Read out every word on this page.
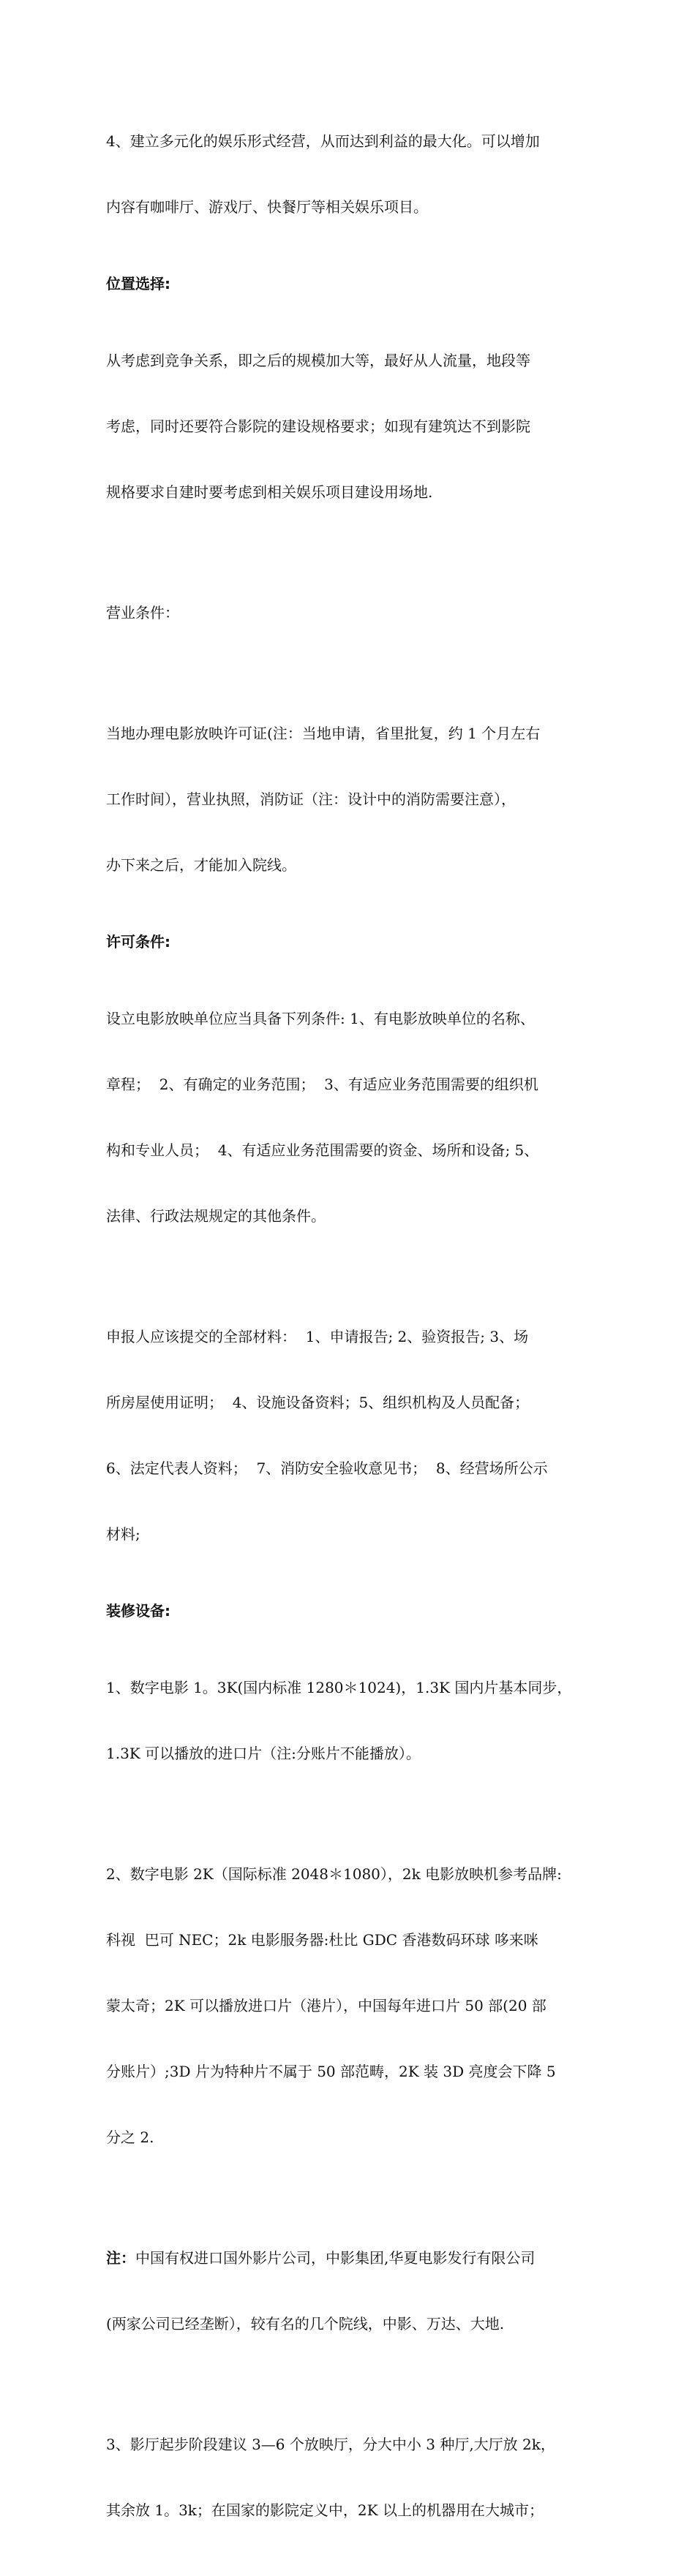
4、建立多元化的娱乐形式经营，从而达到利益的最大化。可以增加

内容有咖啡厅、游戏厅、快餐厅等相关娱乐项目。

位置选择:

从考虑到竞争关系，即之后的规模加大等，最好从人流量，地段等

考虑，同时还要符合影院的建设规格要求；如现有建筑达不到影院

规格要求自建时要考虑到相关娱乐项目建设用场地.

营业条件：

当地办理电影放映许可证(注：当地申请，省里批复，约 1 个月左右

工作时间），营业执照，消防证（注：设计中的消防需要注意），

办下来之后，才能加入院线。

许可条件:

设立电影放映单位应当具备下列条件: 1、有电影放映单位的名称、

章程；  2、有确定的业务范围；  3、有适应业务范围需要的组织机

构和专业人员；  4、有适应业务范围需要的资金、场所和设备; 5、

法律、行政法规规定的其他条件。

申报人应该提交的全部材料：  1、申请报告; 2、验资报告; 3、场

所房屋使用证明；  4、设施设备资料；5、组织机构及人员配备；

6、法定代表人资料；  7、消防安全验收意见书；  8、经营场所公示

材料;

装修设备:

1、数字电影 1。3K(国内标准 1280＊1024)，1.3K 国内片基本同步，

1.3K 可以播放的进口片（注:分账片不能播放）。

2、数字电影 2K（国际标准 2048＊1080），2k 电影放映机参考品牌:

科视  巴可 NEC；2k 电影服务器:杜比 GDC 香港数码环球 哆来咪

蒙太奇；2K 可以播放进口片（港片），中国每年进口片 50 部(20 部

分账片）;3D 片为特种片不属于 50 部范畴，2K 装 3D 亮度会下降 5

分之 2.

注：中国有权进口国外影片公司，中影集团,华夏电影发行有限公司

(两家公司已经垄断），较有名的几个院线，中影、万达、大地.

3、影厅起步阶段建议 3—6 个放映厅，分大中小 3 种厅,大厅放 2k，

其余放 1。3k；在国家的影院定义中，2K 以上的机器用在大城市；
